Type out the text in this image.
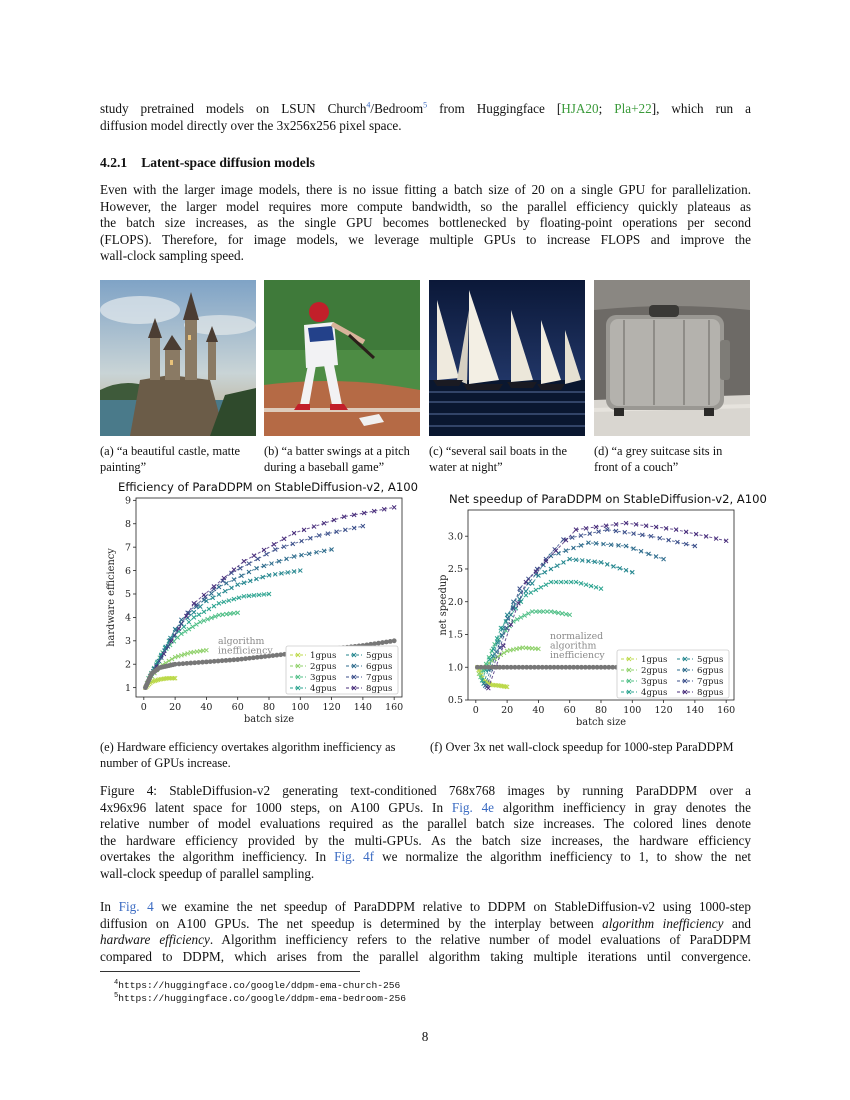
study pretrained models on LSUN Church$^4$/Bedroom$^5$ from Huggingface [HJA20; Pla+22], which run a
diffusion model directly over the 3x256x256 pixel space.
4.2.1 Latent-space diffusion models
Even with the larger image models, there is no issue fitting a batch size of 20 on a single GPU for parallelization.
However, the larger model requires more compute bandwidth, so the parallel efficiency quickly plateaus as
the batch size increases, as the single GPU becomes bottlenecked by floating-point operations per second
(FLOPS). Therefore, for image models, we leverage multiple GPUs to increase FLOPS and improve the
wall-clock sampling speed.
(a) “a beautiful castle, matte
painting”
(b) “a batter swings at a pitch
during a baseball game”
(c) “several sail boats in the
water at night”
(d) “a grey suitcase sits in
front of a couch”
Efficiency of ParaDDPM on StableDiffusion-v2, A100
Net speedup of ParaDDPM on StableDiffusion-v2, A100
0 20 40 60 80 100 120 140 160
1
2
3
4
5
6
7
8
9
batch size
hardware efficiency	algorithm
inefficiency	1gpus
2gpus
3gpus
4gpus
5gpus
6gpus
7gpus
8gpus
0 20 40 60 80 100 120 140 160
0.5
1.0
1.5
2.0
2.5
3.0
batch size
net speedup
normalized
algorithm
inefficiency	1gpus
2gpus
3gpus
4gpus
5gpus
6gpus
7gpus
8gpus
(e) Hardware efficiency overtakes algorithm inefficiency as
number of GPUs increase.
(f) Over 3x net wall-clock speedup for 1000-step ParaDDPM
Figure 4: StableDiffusion-v2 generating text-conditioned 768x768 images by running ParaDDPM over a
4x96x96 latent space for 1000 steps, on A100 GPUs. In Fig. 4e algorithm inefficiency in gray denotes the
relative number of model evaluations required as the parallel batch size increases. The colored lines denote
the hardware efficiency provided by the multi-GPUs. As the batch size increases, the hardware efficiency
overtakes the algorithm inefficiency. In Fig. 4f we normalize the algorithm inefficiency to 1, to show the net
wall-clock speedup of parallel sampling.
In Fig. 4 we examine the net speedup of ParaDDPM relative to DDPM on StableDiffusion-v2 using 1000-step
diffusion on A100 GPUs. The net speedup is determined by the interplay between algorithm inefficiency and
hardware efficiency. Algorithm inefficiency refers to the relative number of model evaluations of ParaDDPM
compared to DDPM, which arises from the parallel algorithm taking multiple iterations until convergence.
$^4$https://huggingface.co/google/ddpm-ema-church-256
$^5$https://huggingface.co/google/ddpm-ema-bedroom-256
8
